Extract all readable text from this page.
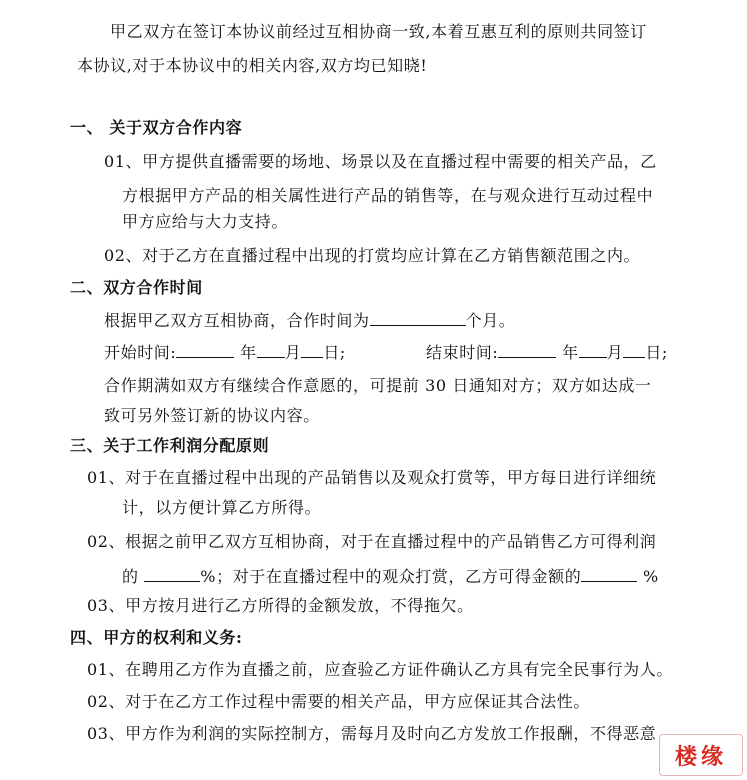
甲乙双方在签订本协议前经过互相协商一致,本着互惠互利的原则共同签订
本协议,对于本协议中的相关内容,双方均已知晓!
一、 关于双方合作内容
01、甲方提供直播需要的场地、场景以及在直播过程中需要的相关产品，乙
方根据甲方产品的相关属性进行产品的销售等，在与观众进行互动过程中
甲方应给与大力支持。
02、对于乙方在直播过程中出现的打赏均应计算在乙方销售额范围之内。
二、双方合作时间
根据甲乙双方互相协商，合作时间为	个月。
开始时间:	年 月 日;	结束时间:	年 月 日;
合作期满如双方有继续合作意愿的，可提前 30 日通知对方；双方如达成一
致可另外签订新的协议内容。
三、关于工作利润分配原则
01、对于在直播过程中出现的产品销售以及观众打赏等，甲方每日进行详细统
计，以方便计算乙方所得。
02、根据之前甲乙双方互相协商，对于在直播过程中的产品销售乙方可得利润
的	%；对于在直播过程中的观众打赏，乙方可得金额的	%
03、甲方按月进行乙方所得的金额发放，不得拖欠。
四、甲方的权利和义务:
01、在聘用乙方作为直播之前，应查验乙方证件确认乙方具有完全民事行为人。
02、对于在乙方工作过程中需要的相关产品，甲方应保证其合法性。
03、甲方作为利润的实际控制方，需每月及时向乙方发放工作报酬，不得恶意
楼缘
